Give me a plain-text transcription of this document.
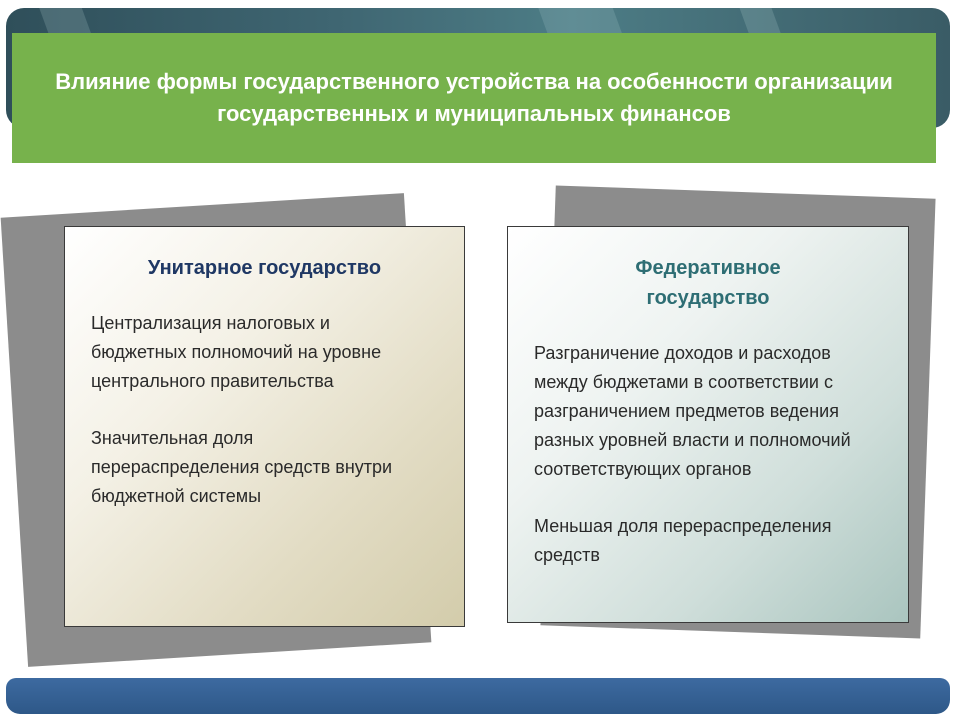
Влияние формы государственного устройства на особенности организации государственных и муниципальных финансов
Унитарное государство

Централизация налоговых и бюджетных полномочий на уровне центрального правительства

Значительная доля перераспределения средств внутри бюджетной системы

Федеративное государство

Разграничение доходов и расходов между бюджетами в соответствии с разграничением предметов ведения разных уровней власти и полномочий соответствующих органов

Меньшая доля перераспределения средств
